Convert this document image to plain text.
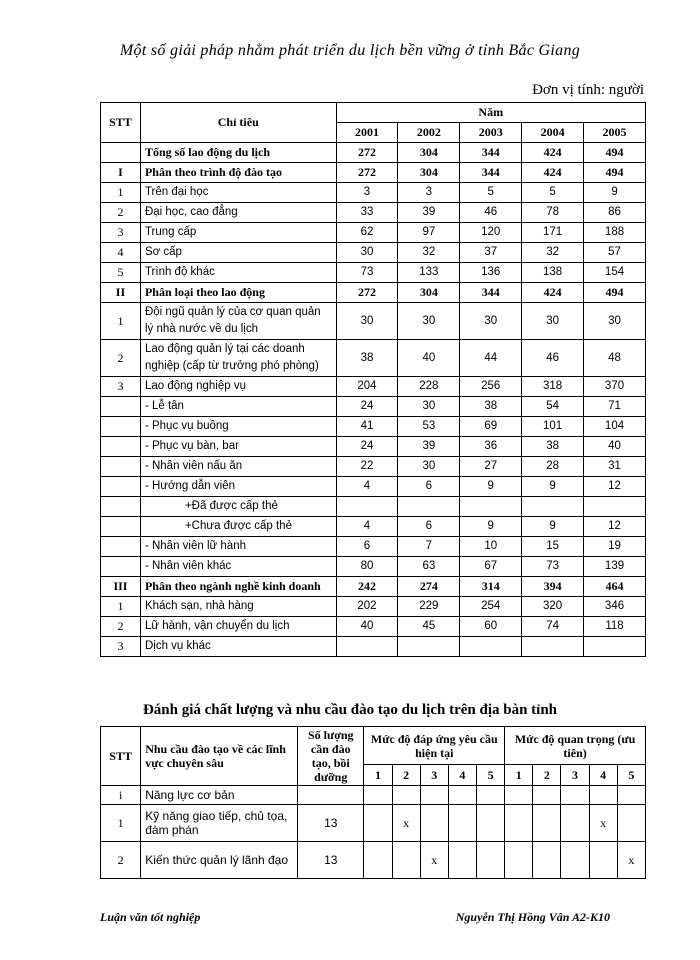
Một số giải pháp nhằm phát triển du lịch bền vững ở tỉnh Bắc Giang
Đơn vị tính: người
STT	Chỉ tiêu	Năm				
		2001	2002	2003	2004	2005
	Tổng số lao động du lịch	272	304	344	424	494
I	Phân theo trình độ đào tạo	272	304	344	424	494
1	Trên đại học	3	3	5	5	9
2	Đại học, cao đẳng	33	39	46	78	86
3	Trung cấp	62	97	120	171	188
4	Sơ cấp	30	32	37	32	57
5	Trình độ khác	73	133	136	138	154
II	Phân loại theo lao động	272	304	344	424	494
1	Đội ngũ quản lý của cơ quan quản lý nhà nước về du lịch	30	30	30	30	30
2	Lao động quản lý tại các doanh nghiệp (cấp từ trưởng phó phòng)	38	40	44	46	48
3	Lao động nghiệp vụ	204	228	256	318	370
	- Lễ tân	24	30	38	54	71
	- Phục vụ buồng	41	53	69	101	104
	- Phục vụ bàn, bar	24	39	36	38	40
	- Nhân viên nấu ăn	22	30	27	28	31
	- Hướng dẫn viên	4	6	9	9	12
	+Đã được cấp thẻ					
	+Chưa được cấp thẻ	4	6	9	9	12
	- Nhân viên lữ hành	6	7	10	15	19
	- Nhân viên khác	80	63	67	73	139
III	Phân theo ngành nghề kinh doanh	242	274	314	394	464
1	Khách sạn, nhà hàng	202	229	254	320	346
2	Lữ hành, vận chuyển du lịch	40	45	60	74	118
3	Dịch vụ khác					
Đánh giá chất lượng và nhu cầu đào tạo du lịch trên địa bàn tỉnh
STT	Nhu cầu đào tạo về các lĩnh vực chuyên sâu	Số lượng cần đào tạo, bồi dưỡng	Mức độ đáp ứng yêu cầu hiện tại					Mức độ quan trọng (ưu tiên)				
			1	2	3	4	5	1	2	3	4	5
i	Năng lực cơ bản											
1	Kỹ năng giao tiếp, chủ tọa, đàm phán	13		x							x	
2	Kiến thức quản lý lãnh đạo	13			x							x
Luận văn tốt nghiệp	Nguyễn Thị Hồng Vân A2-K10
